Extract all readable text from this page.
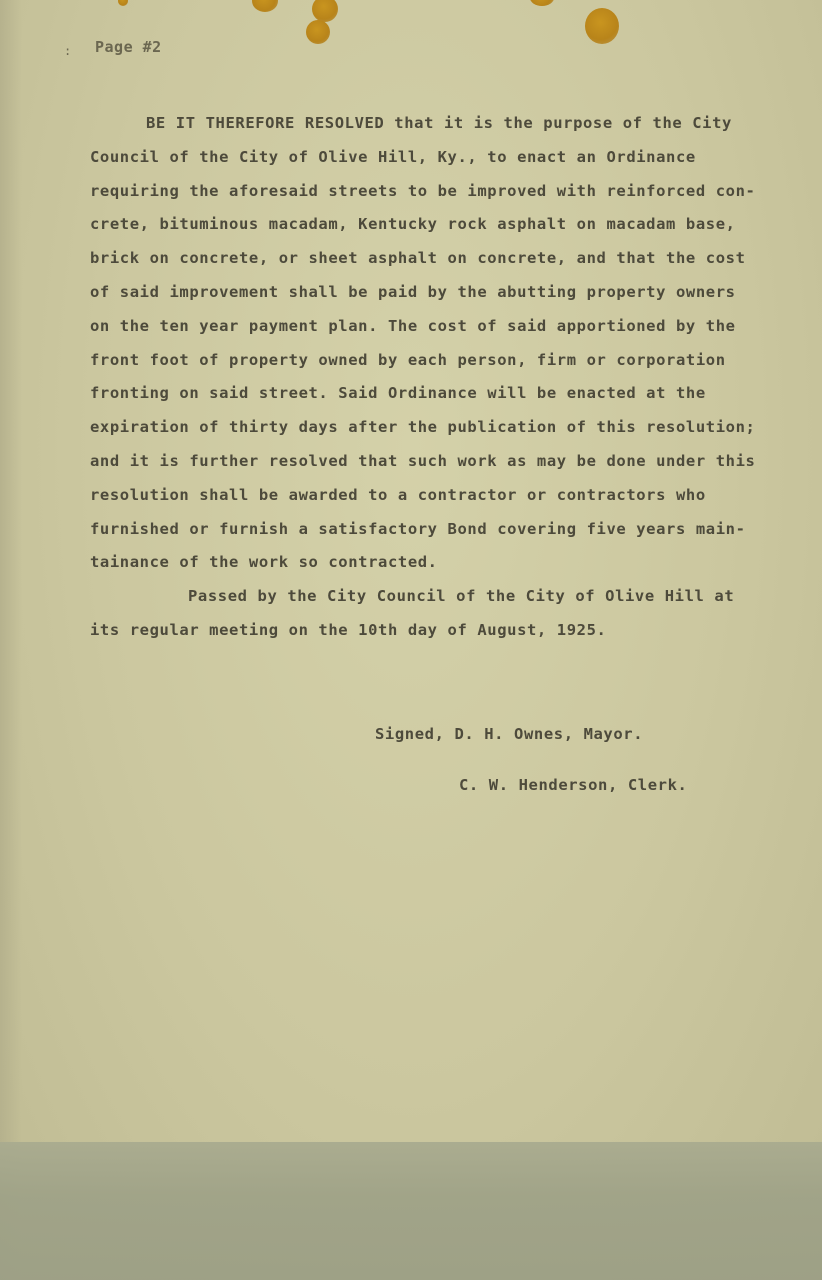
: Page #2
BE IT THEREFORE RESOLVED that it is the purpose of the City
Council of the City of Olive Hill, Ky., to enact an Ordinance
requiring the aforesaid streets to be improved with reinforced con-
crete, bituminous macadam, Kentucky rock asphalt on macadam base,
brick on concrete, or sheet asphalt on concrete, and that the cost
of said improvement shall be paid by the abutting property owners
on the ten year payment plan. The cost of said apportioned by the
front foot of property owned by each person, firm or corporation
fronting on said street. Said Ordinance will be enacted at the
expiration of thirty days after the publication of this resolution;
and it is further resolved that such work as may be done under this
resolution shall be awarded to a contractor or contractors who
furnished or furnish a satisfactory Bond covering five years main-
tainance of the work so contracted.
Passed by the City Council of the City of Olive Hill at
its regular meeting on the 10th day of August, 1925.
Signed, D. H. Ownes, Mayor.
C. W. Henderson, Clerk.
